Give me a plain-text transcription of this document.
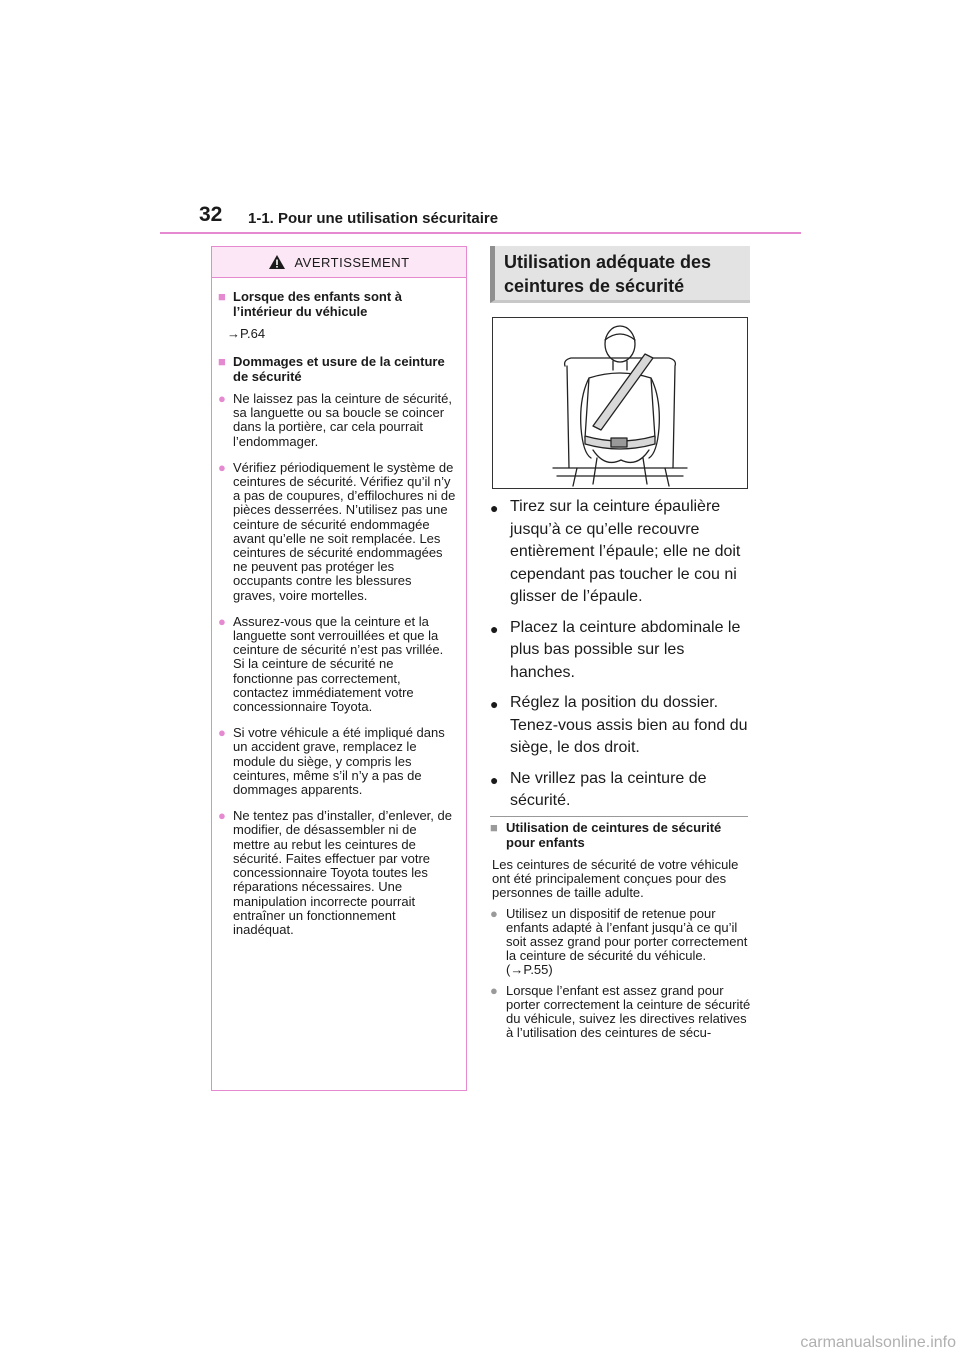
32 1-1. Pour une utilisation sécuritaire
AVERTISSEMENT
■ Lorsque des enfants sont à l’intérieur du véhicule
→P.64
■ Dommages et usure de la ceinture de sécurité
● Ne laissez pas la ceinture de sécurité, sa languette ou sa boucle se coincer dans la portière, car cela pourrait l’endommager.
● Vérifiez périodiquement le système de ceintures de sécurité. Vérifiez qu’il n’y a pas de coupures, d’effilochures ni de pièces desserrées. N’utilisez pas une ceinture de sécurité endommagée avant qu’elle ne soit remplacée. Les ceintures de sécurité endommagées ne peuvent pas protéger les occupants contre les blessures graves, voire mortelles.
● Assurez-vous que la ceinture et la languette sont verrouillées et que la ceinture de sécurité n’est pas vrillée.
Si la ceinture de sécurité ne fonctionne pas correctement, contactez immédiatement votre concessionnaire Toyota.
● Si votre véhicule a été impliqué dans un accident grave, remplacez le module du siège, y compris les ceintures, même s’il n’y a pas de dommages apparents.
● Ne tentez pas d’installer, d’enlever, de modifier, de désassembler ni de mettre au rebut les ceintures de sécurité. Faites effectuer par votre concessionnaire Toyota toutes les réparations nécessaires. Une manipulation incorrecte pourrait entraîner un fonctionnement inadéquat.
Utilisation adéquate des ceintures de sécurité
● Tirez sur la ceinture épaulière jusqu’à ce qu’elle recouvre entièrement l’épaule; elle ne doit cependant pas toucher le cou ni glisser de l’épaule.
● Placez la ceinture abdominale le plus bas possible sur les hanches.
● Réglez la position du dossier. Tenez-vous assis bien au fond du siège, le dos droit.
● Ne vrillez pas la ceinture de sécurité.
■ Utilisation de ceintures de sécurité pour enfants
Les ceintures de sécurité de votre véhicule ont été principalement conçues pour des personnes de taille adulte.
● Utilisez un dispositif de retenue pour enfants adapté à l’enfant jusqu’à ce qu’il soit assez grand pour porter correctement la ceinture de sécurité du véhicule. (→P.55)
● Lorsque l’enfant est assez grand pour porter correctement la ceinture de sécurité du véhicule, suivez les directives relatives à l’utilisation des ceintures de sécu-
carmanualsonline.info
